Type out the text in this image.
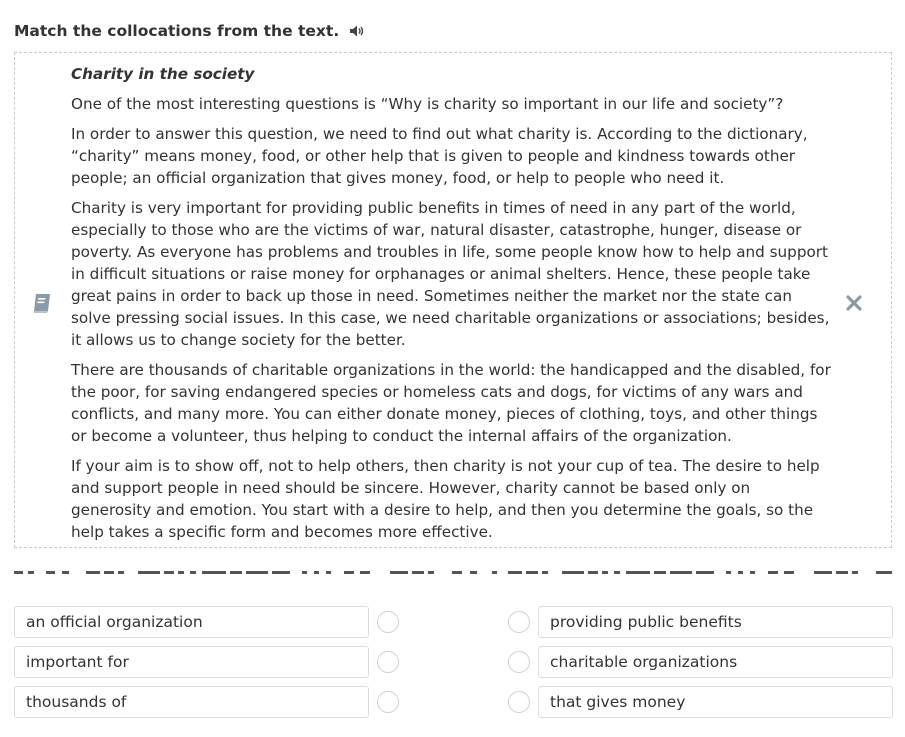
Match the collocations from the text.
Charity in the society

One of the most interesting questions is “Why is charity so important in our life and society”?

In order to answer this question, we need to find out what charity is. According to the dictionary, “charity” means money, food, or other help that is given to people and kindness towards other people; an official organization that gives money, food, or help to people who need it.

Charity is very important for providing public benefits in times of need in any part of the world, especially to those who are the victims of war, natural disaster, catastrophe, hunger, disease or poverty. As everyone has problems and troubles in life, some people know how to help and support in difficult situations or raise money for orphanages or animal shelters. Hence, these people take great pains in order to back up those in need. Sometimes neither the market nor the state can solve pressing social issues. In this case, we need charitable organizations or associations; besides, it allows us to change society for the better.

There are thousands of charitable organizations in the world: the handicapped and the disabled, for the poor, for saving endangered species or homeless cats and dogs, for victims of any wars and conflicts, and many more. You can either donate money, pieces of clothing, toys, and other things or become a volunteer, thus helping to conduct the internal affairs of the organization.

If your aim is to show off, not to help others, then charity is not your cup of tea. The desire to help and support people in need should be sincere. However, charity cannot be based only on generosity and emotion. You start with a desire to help, and then you determine the goals, so the help takes a specific form and becomes more effective.

an official organization	providing public benefits
important for	charitable organizations
thousands of	that gives money
